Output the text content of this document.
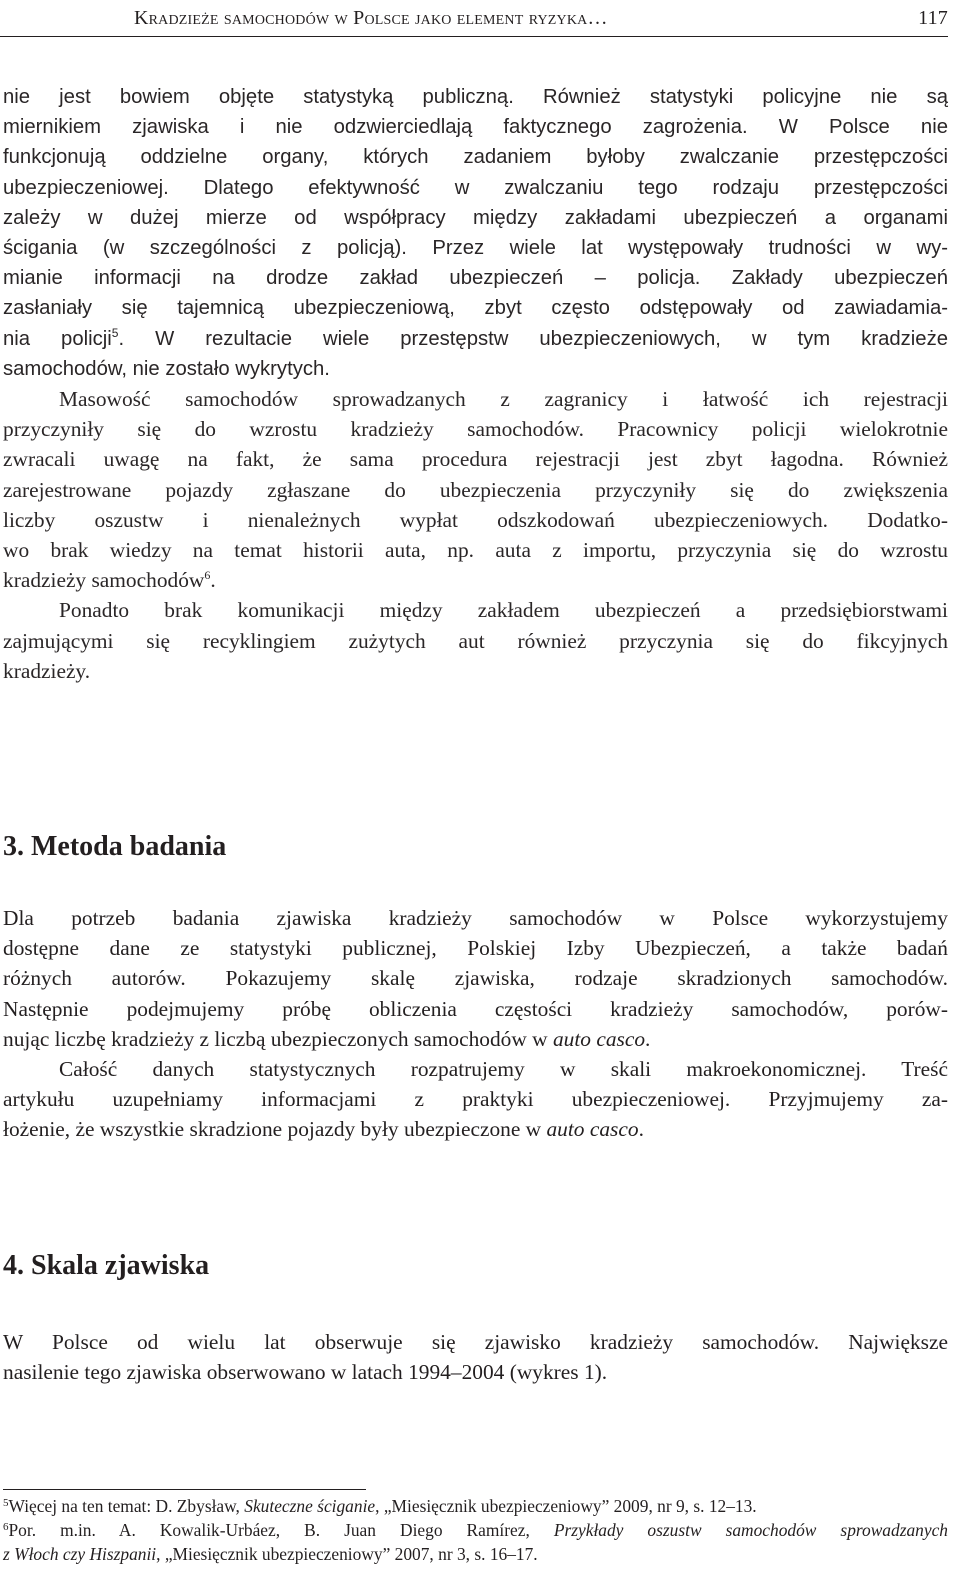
Kradzieże samochodów w Polsce jako element ryzyka…	117
nie jest bowiem objęte statystyką publiczną. Również statystyki policyjne nie są
miernikiem zjawiska i nie odzwierciedlają faktycznego zagrożenia. W Polsce nie
funkcjonują oddzielne organy, których zadaniem byłoby zwalczanie przestępczości
ubezpieczeniowej. Dlatego efektywność w zwalczaniu tego rodzaju przestępczości
zależy w dużej mierze od współpracy między zakładami ubezpieczeń a organami
ścigania (w szczególności z policją). Przez wiele lat występowały trudności w wy-
mianie informacji na drodze zakład ubezpieczeń – policja. Zakłady ubezpieczeń
zasłaniały się tajemnicą ubezpieczeniową, zbyt często odstępowały od zawiadamia-
nia policji$^5$. W rezultacie wiele przestępstw ubezpieczeniowych, w tym kradzieże
samochodów, nie zostało wykrytych.
Masowość samochodów sprowadzanych z zagranicy i łatwość ich rejestracji
przyczyniły się do wzrostu kradzieży samochodów. Pracownicy policji wielokrotnie
zwracali uwagę na fakt, że sama procedura rejestracji jest zbyt łagodna. Również
zarejestrowane pojazdy zgłaszane do ubezpieczenia przyczyniły się do zwiększenia
liczby oszustw i nienależnych wypłat odszkodowań ubezpieczeniowych. Dodatko-
wo brak wiedzy na temat historii auta, np. auta z importu, przyczynia się do wzrostu
kradzieży samochodów$^6$.
Ponadto brak komunikacji między zakładem ubezpieczeń a przedsiębiorstwami
zajmującymi się recyklingiem zużytych aut również przyczynia się do fikcyjnych
kradzieży.
3. Metoda badania
Dla potrzeb badania zjawiska kradzieży samochodów w Polsce wykorzystujemy
dostępne dane ze statystyki publicznej, Polskiej Izby Ubezpieczeń, a także badań
różnych autorów. Pokazujemy skalę zjawiska, rodzaje skradzionych samochodów.
Następnie podejmujemy próbę obliczenia częstości kradzieży samochodów, porów-
nując liczbę kradzieży z liczbą ubezpieczonych samochodów w auto casco.
Całość danych statystycznych rozpatrujemy w skali makroekonomicznej. Treść
artykułu uzupełniamy informacjami z praktyki ubezpieczeniowej. Przyjmujemy za-
łożenie, że wszystkie skradzione pojazdy były ubezpieczone w auto casco.
4. Skala zjawiska
W Polsce od wielu lat obserwuje się zjawisko kradzieży samochodów. Największe
nasilenie tego zjawiska obserwowano w latach 1994–2004 (wykres 1).
$^5$Więcej na ten temat: D. Zbysław, Skuteczne ściganie, „Miesięcznik ubezpieczeniowy” 2009, nr 9, s. 12–13.
$^6$Por. m.in. A. Kowalik-Urbáez, B. Juan Diego Ramírez, Przykłady oszustw samochodów sprowadzanych
z Włoch czy Hiszpanii, „Miesięcznik ubezpieczeniowy” 2007, nr 3, s. 16–17.
